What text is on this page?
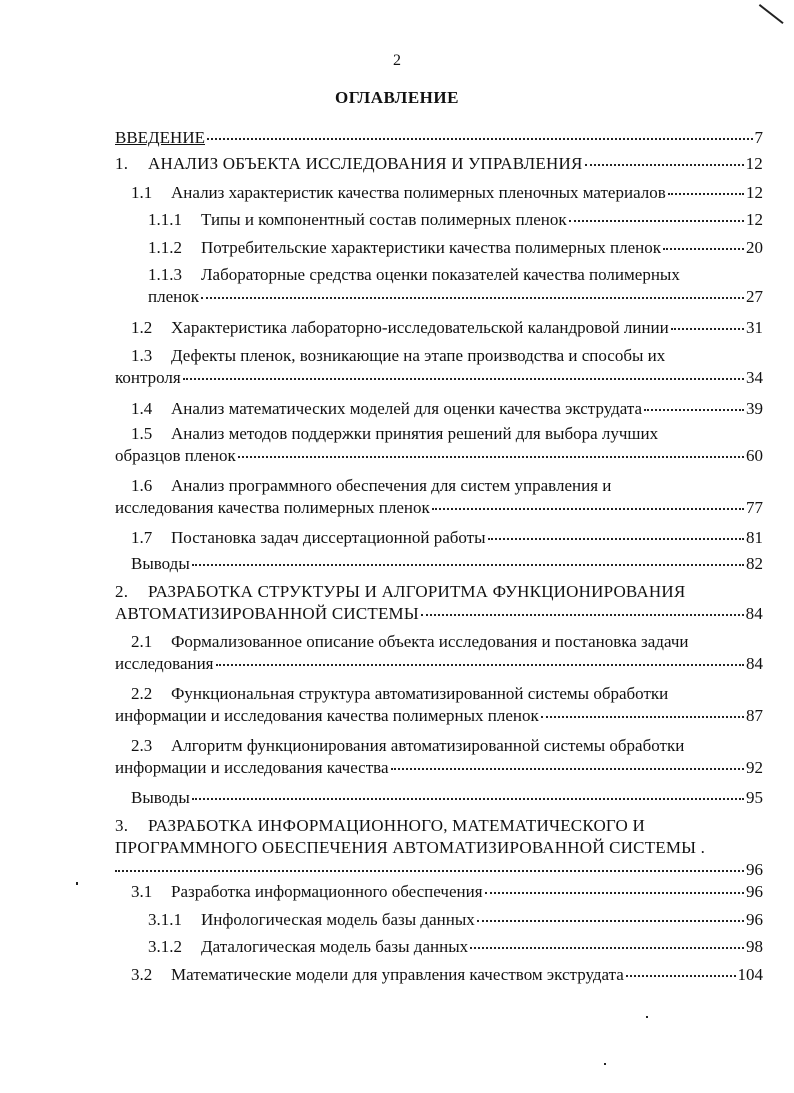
2
ОГЛАВЛЕНИЕ
ВВЕДЕНИЕ	7
1.	АНАЛИЗ ОБЪЕКТА ИССЛЕДОВАНИЯ И УПРАВЛЕНИЯ	12
1.1	Анализ характеристик качества полимерных пленочных материалов	12
1.1.1	Типы и компонентный состав полимерных пленок	12
1.1.2	Потребительские характеристики качества полимерных пленок	20
1.1.3	Лабораторные средства оценки показателей качества полимерных
пленок	27
1.2	Характеристика лабораторно-исследовательской каландровой линии	31
1.3	Дефекты пленок, возникающие на этапе производства и способы их
контроля	34
1.4	Анализ математических моделей для оценки качества экструдата	39
1.5	Анализ методов поддержки принятия решений для выбора лучших
образцов пленок	60
1.6	Анализ программного обеспечения для систем управления и
исследования качества полимерных пленок	77
1.7	Постановка задач диссертационной работы	81
Выводы	82
2.	РАЗРАБОТКА СТРУКТУРЫ И АЛГОРИТМА ФУНКЦИОНИРОВАНИЯ
АВТОМАТИЗИРОВАННОЙ СИСТЕМЫ	84
2.1	Формализованное описание объекта исследования и постановка задачи
исследования	84
2.2	Функциональная структура автоматизированной системы обработки
информации и исследования качества полимерных пленок	87
2.3	Алгоритм функционирования автоматизированной системы обработки
информации и исследования качества	92
Выводы	95
3.	РАЗРАБОТКА ИНФОРМАЦИОННОГО, МАТЕМАТИЧЕСКОГО И
ПРОГРАММНОГО ОБЕСПЕЧЕНИЯ АВТОМАТИЗИРОВАННОЙ СИСТЕМЫ .
96
3.1	Разработка информационного обеспечения	96
3.1.1	Инфологическая модель базы данных	96
3.1.2	Даталогическая модель базы данных	98
3.2	Математические модели для управления качеством экструдата	104
